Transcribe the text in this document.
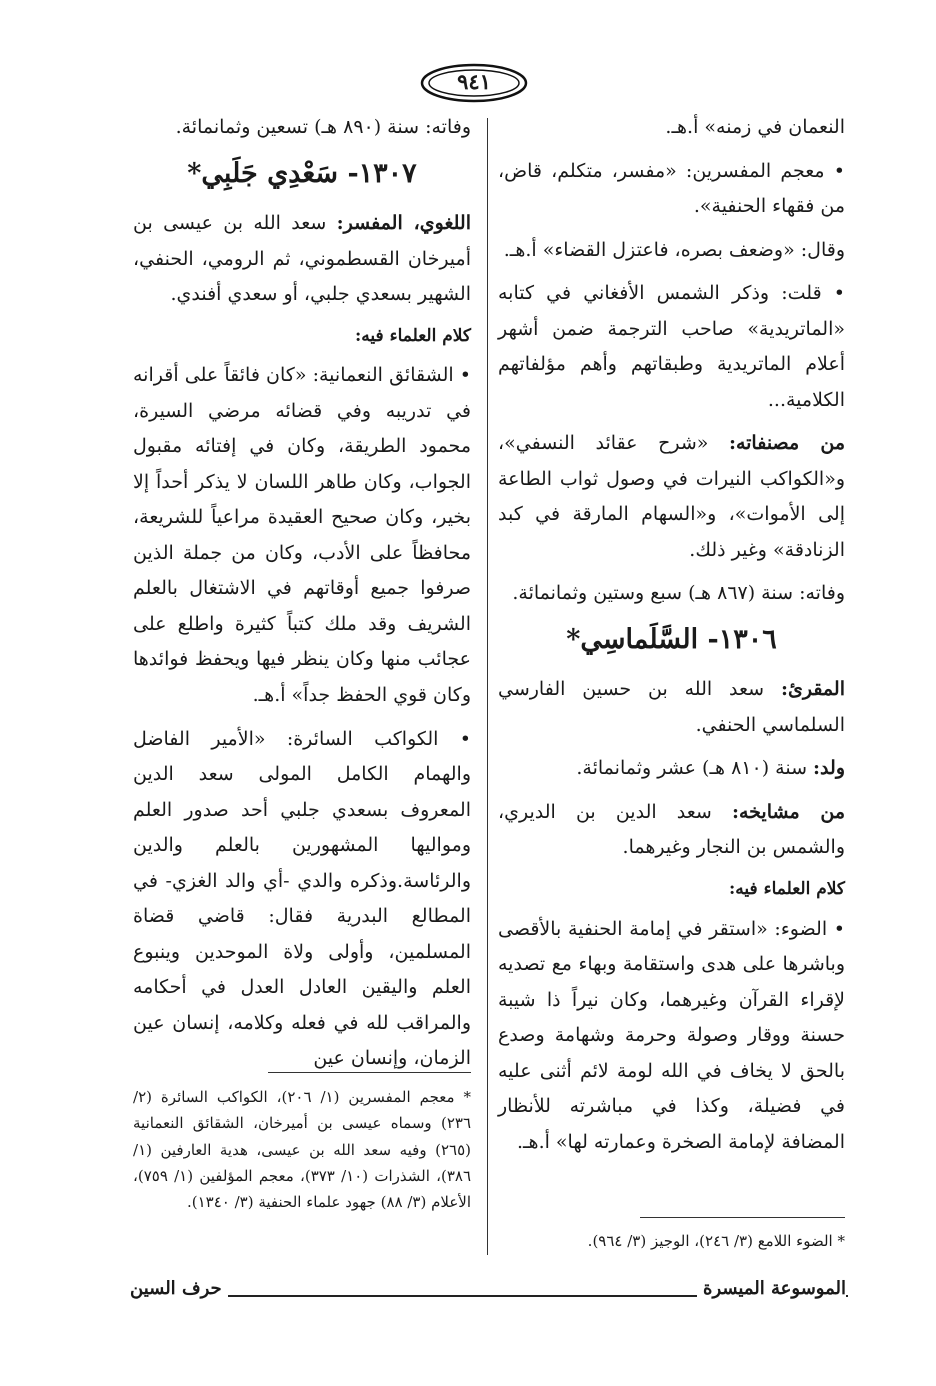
٩٤١

النعمان في زمنه» أ.هـ.

• معجم المفسرين: «مفسر، متكلم، قاض، من فقهاء الحنفية».

وقال: «وضعف بصره، فاعتزل القضاء» أ.هـ.

• قلت: وذكر الشمس الأفغاني في كتابه «الماتريدية» صاحب الترجمة ضمن أشهر أعلام الماتريدية وطبقاتهم وأهم مؤلفاتهم الكلامية...

من مصنفاته: «شرح عقائد النسفي»، و«الكواكب النيرات في وصول ثواب الطاعة إلى الأموات»، و«السهام المارقة في كبد الزنادقة» وغير ذلك.

وفاته: سنة (٨٦٧ هـ) سبع وستين وثمانمائة.

١٣٠٦- السَّلَماسِي*

المقرئ: سعد الله بن حسين الفارسي السلماسي الحنفي.

ولد: سنة (٨١٠ هـ) عشر وثمانمائة.

من مشايخه: سعد الدين بن الديري، والشمس بن النجار وغيرهما.

كلام العلماء فيه:

• الضوء: «استقر في إمامة الحنفية بالأقصى وباشرها على هدى واستقامة وبهاء مع تصديه لإقراء القرآن وغيرهما، وكان نيراً ذا شيبة حسنة ووقار وصولة وحرمة وشهامة وصدع بالحق لا يخاف في الله لومة لائم أثنى عليه في فضيلة، وكذا في مباشرته للأنظار المضافة لإمامة الصخرة وعمارته لها» أ.هـ.

* الضوء اللامع (٣/ ٢٤٦)، الوجيز (٣/ ٩٦٤).

وفاته: سنة (٨٩٠ هـ) تسعين وثمانمائة.

١٣٠٧- سَعْدِي جَلَبِي*

اللغوي، المفسر: سعد الله بن عيسى بن أميرخان القسطموني، ثم الرومي، الحنفي، الشهير بسعدي جلبي، أو سعدي أفندي.

كلام العلماء فيه:

• الشقائق النعمانية: «كان فائقاً على أقرانه في تدريبه وفي قضائه مرضي السيرة، محمود الطريقة، وكان في إفتائه مقبول الجواب، وكان طاهر اللسان لا يذكر أحداً إلا بخير، وكان صحيح العقيدة مراعياً للشريعة، محافظاً على الأدب، وكان من جملة الذين صرفوا جميع أوقاتهم في الاشتغال بالعلم الشريف وقد ملك كتباً كثيرة واطلع على عجائب منها وكان ينظر فيها ويحفظ فوائدها وكان قوي الحفظ جداً» أ.هـ.

• الكواكب السائرة: «الأمير الفاضل والهمام الكامل المولى سعد الدين المعروف بسعدي جلبي أحد صدور العلم ومواليها المشهورين بالعلم والدين والرئاسة.وذكره والدي -أي والد الغزي- في المطالع البدرية فقال: قاضي قضاة المسلمين، وأولى ولاة الموحدين وينبوع العلم واليقين العادل العدل في أحكامه والمراقب لله في فعله وكلامه، إنسان عين الزمان، وإنسان عين

* معجم المفسرين (١/ ٢٠٦)، الكواكب السائرة (٢/ ٢٣٦) وسماه عيسى بن أميرخان، الشقائق النعمانية (٢٦٥) وفيه سعد الله بن عيسى، هدية العارفين (١/ ٣٨٦)، الشذرات (١٠/ ٣٧٣)، معجم المؤلفين (١/ ٧٥٩)، الأعلام (٣/ ٨٨) جهود علماء الحنفية (٣/ ١٣٤٠).
الموسوعة الميسرة
حرف السين
